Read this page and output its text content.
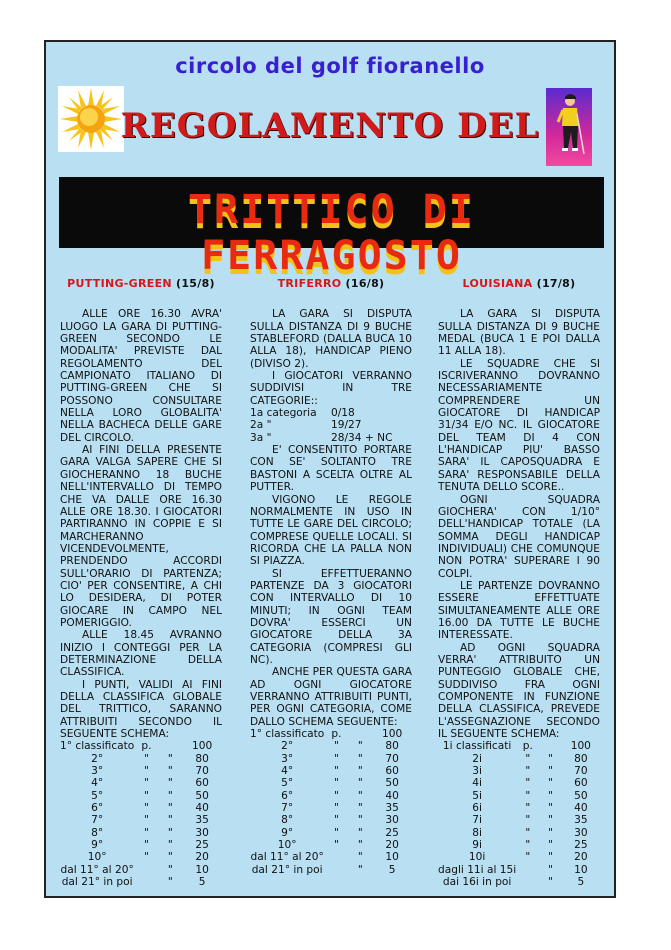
circolo del golf fioranello
REGOLAMENTO DEL
TRITTICO DI FERRAGOSTO
PUTTING-GREEN (15/8)

ALLE ORE 16.30 AVRA' LUOGO LA GARA DI PUTTING-GREEN SECONDO LE MODALITA' PREVISTE DAL REGOLAMENTO DEL CAMPIONATO ITALIANO DI PUTTING-GREEN CHE SI POSSONO CONSULTARE NELLA LORO GLOBALITA' NELLA BACHECA DELLE GARE DEL CIRCOLO.

AI FINI DELLA PRESENTE GARA VALGA SAPERE CHE SI GIOCHERANNO 18 BUCHE NELL'INTERVALLO DI TEMPO CHE VA DALLE ORE 16.30 ALLE ORE 18.30. I GIOCATORI PARTIRANNO IN COPPIE E SI MARCHERANNO VICENDEVOLMENTE, PRENDENDO ACCORDI SULL'ORARIO DI PARTENZA; CIO' PER CONSENTIRE, A CHI LO DESIDERA, DI POTER GIOCARE IN CAMPO NEL POMERIGGIO.

ALLE 18.45 AVRANNO INIZIO I CONTEGGI PER LA DETERMINAZIONE DELLA CLASSIFICA.

I PUNTI, VALIDI AI FINI DELLA CLASSIFICA GLOBALE DEL TRITTICO, SARANNO ATTRIBUITI SECONDO IL SEGUENTE SCHEMA:

1° classificato	p.		100
2°	"	"	80
3°	"	"	70
4°	"	"	60
5°	"	"	50
6°	"	"	40
7°	"	"	35
8°	"	"	30
9°	"	"	25
10°	"	"	20
dal 11° al 20°		"	10
dal 21° in poi		"	5
TRIFERRO (16/8)

LA GARA SI DISPUTA SULLA DISTANZA DI 9 BUCHE STABLEFORD (DALLA BUCA 10 ALLA 18), HANDICAP PIENO (DIVISO 2).

I GIOCATORI VERRANNO SUDDIVISI IN TRE CATEGORIE::

1a categoria	0/18
2a "	19/27
3a "	28/34 + NC

E' CONSENTITO PORTARE CON SE' SOLTANTO TRE BASTONI A SCELTA OLTRE AL PUTTER.

VIGONO LE REGOLE NORMALMENTE IN USO IN TUTTE LE GARE DEL CIRCOLO; COMPRESE QUELLE LOCALI. SI RICORDA CHE LA PALLA NON SI PIAZZA.

SI EFFETTUERANNO PARTENZE DA 3 GIOCATORI CON INTERVALLO DI 10 MINUTI; IN OGNI TEAM DOVRA' ESSERCI UN GIOCATORE DELLA 3A CATEGORIA (COMPRESI GLI NC).

ANCHE PER QUESTA GARA AD OGNI GIOCATORE VERRANNO ATTRIBUITI PUNTI, PER OGNI CATEGORIA, COME DALLO SCHEMA SEGUENTE:

1° classificato	p.		100
2°	"	"	80
3°	"	"	70
4°	"	"	60
5°	"	"	50
6°	"	"	40
7°	"	"	35
8°	"	"	30
9°	"	"	25
10°	"	"	20
dal 11° al 20°		"	10
dal 21° in poi		"	5
LOUISIANA (17/8)

LA GARA SI DISPUTA SULLA DISTANZA DI 9 BUCHE MEDAL (BUCA 1 E POI DALLA 11 ALLA 18).

LE SQUADRE CHE SI ISCRIVERANNO DOVRANNO NECESSARIAMENTE COMPRENDERE UN GIOCATORE DI HANDICAP 31/34 E/O NC. IL GIOCATORE DEL TEAM DI 4 CON L'HANDICAP PIU' BASSO SARA' IL CAPOSQUADRA E SARA' RESPONSABILE DELLA TENUTA DELLO SCORE..

OGNI SQUADRA GIOCHERA' CON 1/10° DELL'HANDICAP TOTALE (LA SOMMA DEGLI HANDICAP INDIVIDUALI) CHE COMUNQUE NON POTRA' SUPERARE I 90 COLPI.

LE PARTENZE DOVRANNO ESSERE EFFETTUATE SIMULTANEAMENTE ALLE ORE 16.00 DA TUTTE LE BUCHE INTERESSATE.

AD OGNI SQUADRA VERRA' ATTRIBUITO UN PUNTEGGIO GLOBALE CHE, SUDDIVISO FRA OGNI COMPONENTE IN FUNZIONE DELLA CLASSIFICA, PREVEDE L'ASSEGNAZIONE SECONDO IL SEGUENTE SCHEMA:

1i classificati	p.		100
2i	"	"	80
3i	"	"	70
4i	"	"	60
5i	"	"	50
6i	"	"	40
7i	"	"	35
8i	"	"	30
9i	"	"	25
10i	"	"	20
dagli 11i al 15i		"	10
dai 16i in poi		"	5
